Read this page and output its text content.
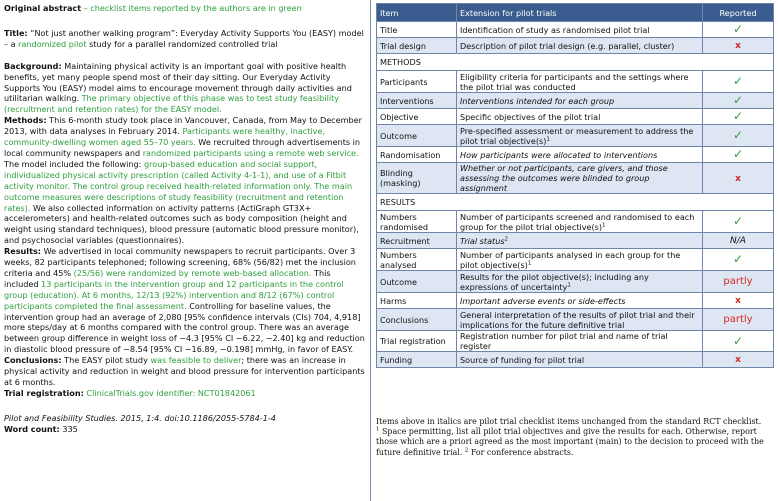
Original abstract – checklist items reported by the authors are in green

Title: “Not just another walking program”: Everyday Activity Supports You (EASY) model – a randomized pilot study for a parallel randomized controlled trial

Background: Maintaining physical activity is an important goal with positive health benefits, yet many people spend most of their day sitting. Our Everyday Activity Supports You (EASY) model aims to encourage movement through daily activities and utilitarian walking. The primary objective of this phase was to test study feasibility (recruitment and retention rates) for the EASY model.

Methods: This 6-month study took place in Vancouver, Canada, from May to December 2013, with data analyses in February 2014. Participants were healthy, inactive, community-dwelling women aged 55–70 years. We recruited through advertisements in local community newspapers and randomized participants using a remote web service. The model included the following: group-based education and social support, individualized physical activity prescription (called Activity 4-1-1), and use of a Fitbit activity monitor. The control group received health-related information only. The main outcome measures were descriptions of study feasibility (recruitment and retention rates). We also collected information on activity patterns (ActiGraph GT3X+ accelerometers) and health-related outcomes such as body composition (height and weight using standard techniques), blood pressure (automatic blood pressure monitor), and psychosocial variables (questionnaires).

Results: We advertised in local community newspapers to recruit participants. Over 3 weeks, 82 participants telephoned; following screening, 68% (56/82) met the inclusion criteria and 45% (25/56) were randomized by remote web-based allocation. This included 13 participants in the intervention group and 12 participants in the control group (education). At 6 months, 12/13 (92%) intervention and 8/12 (67%) control participants completed the final assessment. Controlling for baseline values, the intervention group had an average of 2,080 [95% confidence intervals (CIs) 704, 4,918] more steps/day at 6 months compared with the control group. There was an average between group difference in weight loss of −4.3 [95% CI −6.22, −2.40] kg and reduction in diastolic blood pressure of −8.54 [95% CI −16.89, −0.198] mmHg, in favor of EASY.

Conclusions: The EASY pilot study was feasible to deliver; there was an increase in physical activity and reduction in weight and blood pressure for intervention participants at 6 months.

Trial registration: ClinicalTrials.gov identifier: NCT01842061

Pilot and Feasibility Studies. 2015, 1:4. doi:10.1186/2055-5784-1-4

Word count: 335

Item	Extension for pilot trials	Reported
Title	Identification of study as randomised pilot trial	✓
Trial design	Description of pilot trial design (e.g. parallel, cluster)	x
METHODS		
Participants	Eligibility criteria for participants and the settings where the pilot trial was conducted	✓
Interventions	Interventions intended for each group	✓
Objective	Specific objectives of the pilot trial	✓
Outcome	Pre-specified assessment or measurement to address the pilot trial $objective(s)^1$	✓
Randomisation	How participants were allocated to interventions	✓
Blinding (masking)	Whether or not participants, care givers, and those assessing the outcomes were blinded to group assignment	x
RESULTS		
Numbers randomised	Number of participants screened and randomised to each group for the pilot trial $objective(s)^1$	✓
Recruitment	Trial status$^2$	N/A
Numbers analysed	Number of participants analysed in each group for the pilot $objective(s)^1$	✓
Outcome	Results for the pilot objective(s); including any expressions of uncertainty$^1$	partly
Harms	Important adverse events or side-effects	x
Conclusions	General interpretation of the results of pilot trial and their implications for the future definitive trial	partly
Trial registration	Registration number for pilot trial and name of trial register	✓
Funding	Source of funding for pilot trial	x
Items above in italics are pilot trial checklist items unchanged from the standard RCT checklist.
$^1$ Space permitting, list all pilot trial objectives and give the results for each. Otherwise, report those which are a priori agreed as the most important (main) to the decision to proceed with the future definitive trial. $^2$ For conference abstracts.
